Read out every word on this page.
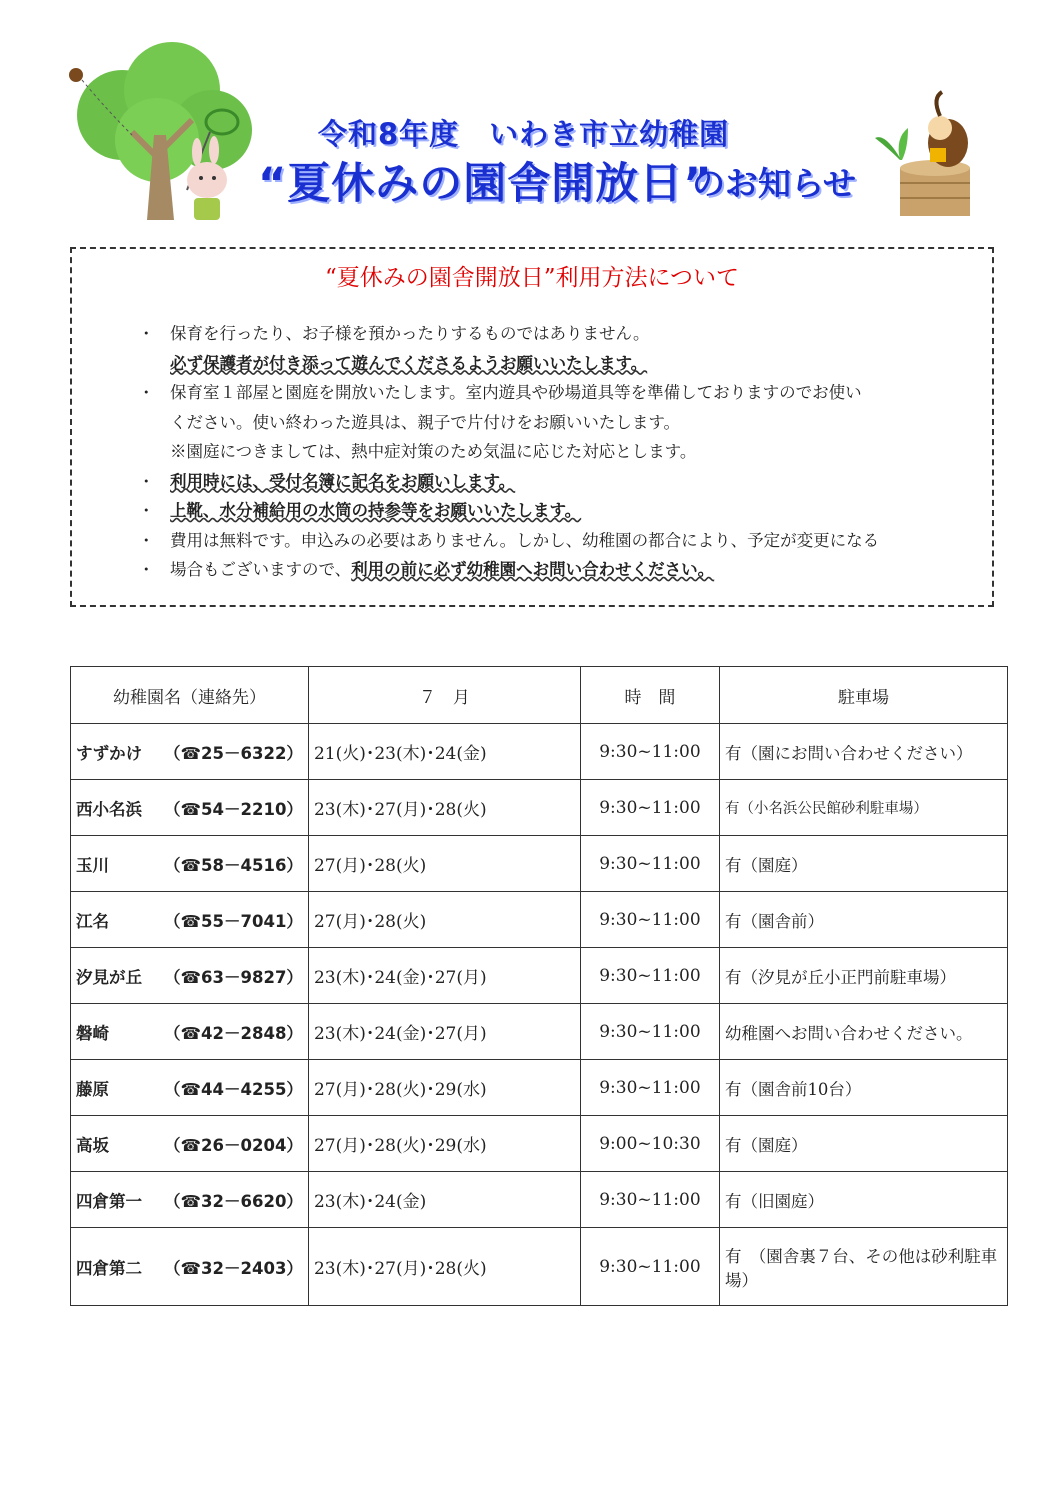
令和8年度　いわき市立幼稚園
“夏休みの園舎開放日”
のお知らせ
“夏休みの園舎開放日”利用方法について
・ 保育を行ったり、お子様を預かったりするものではありません。
必ず保護者が付き添って遊んでくださるようお願いいたします。
・ 保育室１部屋と園庭を開放いたします。室内遊具や砂場道具等を準備しておりますのでお使い
ください。使い終わった遊具は、親子で片付けをお願いいたします。
※園庭につきましては、熱中症対策のため気温に応じた対応とします。
・ 利用時には、受付名簿に記名をお願いします。
・ 上靴、水分補給用の水筒の持参等をお願いいたします。
・ 費用は無料です。申込みの必要はありません。しかし、幼稚園の都合により、予定が変更になる
・ 場合もございますので、利用の前に必ず幼稚園へお問い合わせください。
幼稚園名（連絡先）	７　月	時　間	駐車場
すずかけ （☎25－6322）	21(火)･23(木)･24(金)	9:30~11:00	有（園にお問い合わせください）
西小名浜 （☎54－2210）	23(木)･27(月)･28(火)	9:30~11:00	有（小名浜公民館砂利駐車場）
玉川 （☎58－4516）	27(月)･28(火)	9:30~11:00	有（園庭）
江名 （☎55－7041）	27(月)･28(火)	9:30~11:00	有（園舎前）
汐見が丘 （☎63－9827）	23(木)･24(金)･27(月)	9:30~11:00	有（汐見が丘小正門前駐車場）
磐崎 （☎42－2848）	23(木)･24(金)･27(月)	9:30~11:00	幼稚園へお問い合わせください。
藤原 （☎44－4255）	27(月)･28(火)･29(水)	9:30~11:00	有（園舎前10台）
高坂 （☎26－0204）	27(月)･28(火)･29(水)	9:00~10:30	有（園庭）
四倉第一 （☎32－6620）	23(木)･24(金)	9:30~11:00	有（旧園庭）
四倉第二 （☎32－2403）	23(木)･27(月)･28(火)	9:30~11:00	有　（園舎裏７台、その他は砂利駐車場）
